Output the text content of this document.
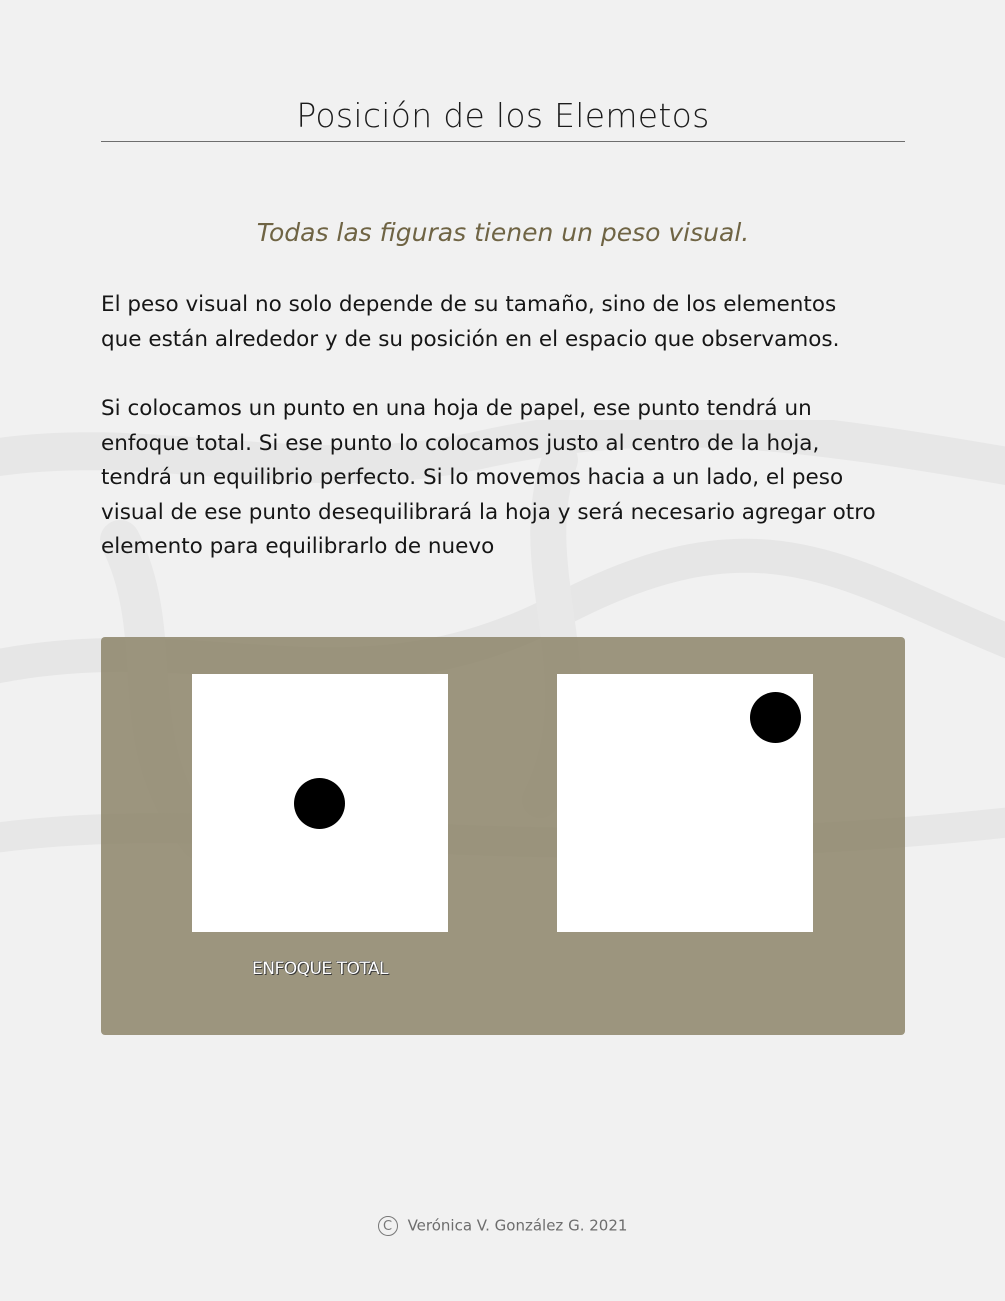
Posición de los Elemetos
Todas las figuras tienen un peso visual.

El peso visual no solo depende de su tamaño, sino de los elementos que están alrededor y de su posición en el espacio que observamos.

Si colocamos un punto en una hoja de papel, ese punto tendrá un enfoque total. Si ese punto lo colocamos justo al centro de la hoja, tendrá un equilibrio perfecto. Si lo movemos hacia a un lado, el peso visual de ese punto desequilibrará la hoja y será necesario agregar otro elemento para equilibrarlo de nuevo

ENFOQUE TOTAL
C Verónica V. González G. 2021
